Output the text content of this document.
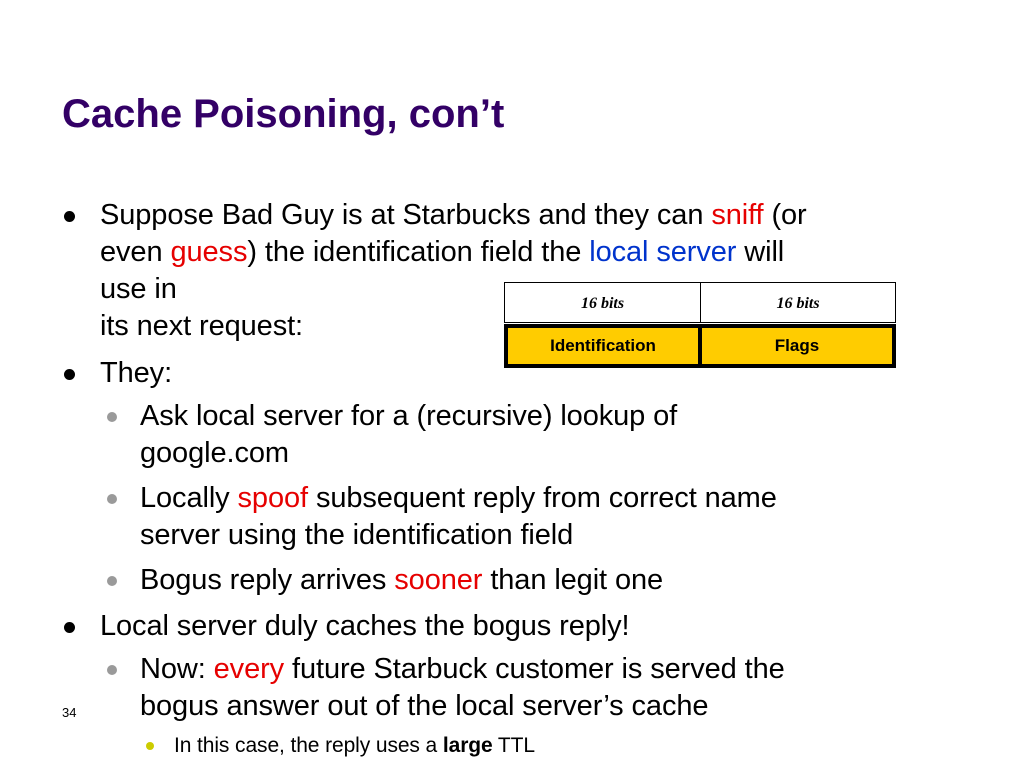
Cache Poisoning, con’t
Suppose Bad Guy is at Starbucks and they can sniff (or
even guess) the identification field the local server will
use in
its next request:
16 bits	16 bits
Identification	Flags
They:
Ask local server for a (recursive) lookup of
google.com
Locally spoof subsequent reply from correct name
server using the identification field
Bogus reply arrives sooner than legit one
Local server duly caches the bogus reply!
Now: every future Starbuck customer is served the
bogus answer out of the local server’s cache
In this case, the reply uses a large TTL
34
